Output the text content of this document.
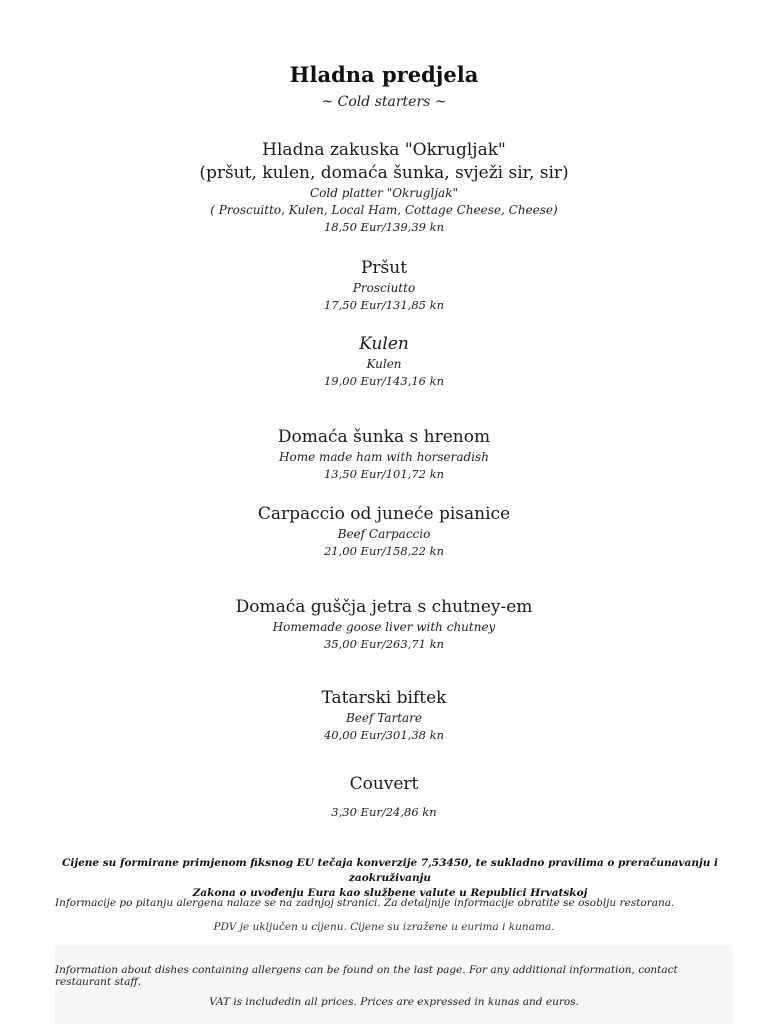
Hladna predjela
~ Cold starters ~
Hladna zakuska "Okrugljak"
(pršut, kulen, domaća šunka, svježi sir, sir)
Cold platter "Okrugljak"
( Proscuitto, Kulen, Local Ham, Cottage Cheese, Cheese)
18,50 Eur/139,39 kn
Pršut
Prosciutto
17,50 Eur/131,85 kn
Kulen
Kulen
19,00 Eur/143,16 kn
Domaća šunka s hrenom
Home made ham with horseradish
13,50 Eur/101,72 kn
Carpaccio od juneće pisanice
Beef Carpaccio
21,00 Eur/158,22 kn
Domaća guščja jetra s chutney-em
Homemade goose liver with chutney
35,00 Eur/263,71 kn
Tatarski biftek
Beef Tartare
40,00 Eur/301,38 kn
Couvert
3,30 Eur/24,86 kn
Cijene su formirane primjenom fiksnog EU tečaja konverzije 7,53450, te sukladno pravilima o preračunavanju i zaokruživanju
Zakona o uvođenju Eura kao službene valute u Republici Hrvatskoj
Informacije po pitanju alergena nalaze se na zadnjoj stranici. Za detaljnije informacije obratite se osoblju restorana.
PDV je uključen u cijenu. Cijene su izražene u eurima i kunama.
Information about dishes containing allergens can be found on the last page. For any additional information, contact restaurant staff.
VAT is includedin all prices. Prices are expressed in kunas and euros.
